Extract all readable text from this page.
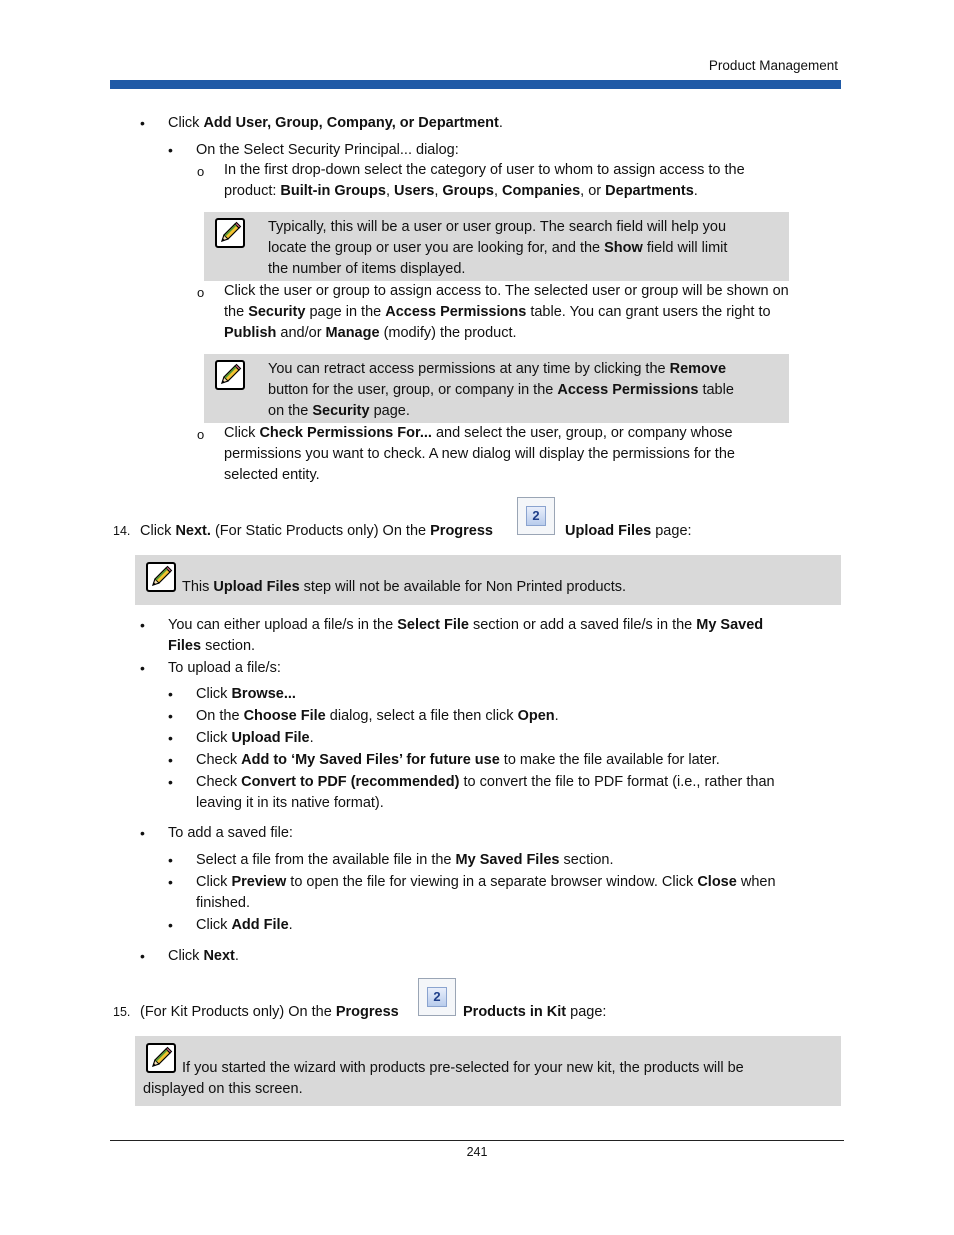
Product Management
• Click Add User, Group, Company, or Department.
• On the Select Security Principal... dialog:
o In the first drop-down select the category of user to whom to assign access to the
product: Built-in Groups, Users, Groups, Companies, or Departments.
Typically, this will be a user or user group. The search field will help you
locate the group or user you are looking for, and the Show field will limit
the number of items displayed.
o Click the user or group to assign access to. The selected user or group will be shown on
the Security page in the Access Permissions table. You can grant users the right to
Publish and/or Manage (modify) the product.
You can retract access permissions at any time by clicking the Remove
button for the user, group, or company in the Access Permissions table
on the Security page.
o Click Check Permissions For... and select the user, group, or company whose
permissions you want to check. A new dialog will display the permissions for the
selected entity.
14. Click Next. (For Static Products only) On the Progress
2
Upload Files page:
This Upload Files step will not be available for Non Printed products.
• You can either upload a file/s in the Select File section or add a saved file/s in the My Saved
Files section.
• To upload a file/s:
• Click Browse...
• On the Choose File dialog, select a file then click Open.
• Click Upload File.
• Check Add to ‘My Saved Files’ for future use to make the file available for later.
• Check Convert to PDF (recommended) to convert the file to PDF format (i.e., rather than
leaving it in its native format).
• To add a saved file:
• Select a file from the available file in the My Saved Files section.
• Click Preview to open the file for viewing in a separate browser window. Click Close when
finished.
• Click Add File.
• Click Next.
15. (For Kit Products only) On the Progress
2
Products in Kit page:
If you started the wizard with products pre-selected for your new kit, the products will be
displayed on this screen.
241
